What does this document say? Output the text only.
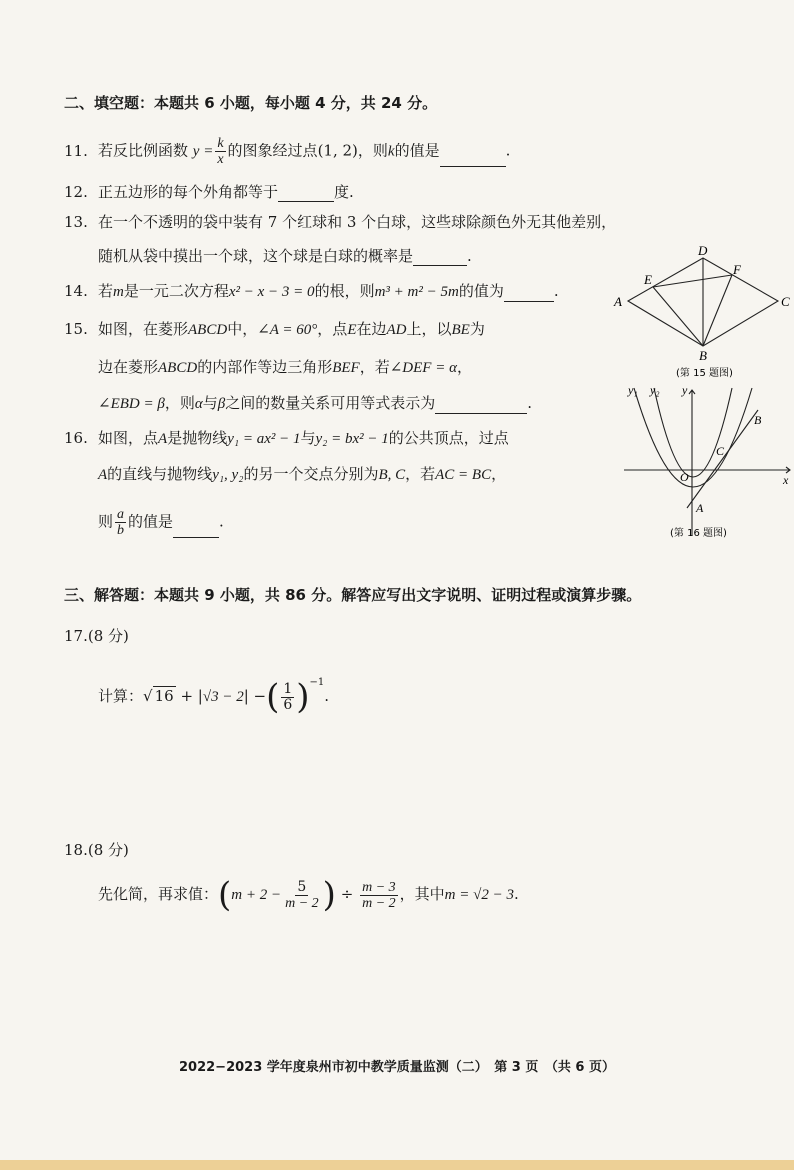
二、填空题：本题共 6 小题，每小题 4 分，共 24 分。
11. 若反比例函数 $y = \frac{k}{x}$ 的图象经过点(1, 2)，则k的值是	.
12. 正五边形的每个外角都等于	度.
13. 在一个不透明的袋中装有 7 个红球和 3 个白球，这些球除颜色外无其他差别，
随机从袋中摸出一个球，这个球是白球的概率是	.
14. 若m是一元二次方程x² − x − 3 = 0的根，则m³ + m² − 5m的值为	.
15. 如图，在菱形ABCD中，∠A = 60°，点E在边AD上，以BE为
边在菱形ABCD的内部作等边三角形BEF，若∠DEF = α，
∠EBD = β，则α与β之间的数量关系可用等式表示为	.
16. 如图，点A是抛物线y₁ = ax² − 1与y₂ = bx² − 1的公共顶点，过点
A的直线与抛物线y₁, y₂的另一个交点分别为B, C，若AC = BC，
则 $\frac{a}{b}$ 的值是	.
A
B
C
D
E
F
(第 15 题图)
y₁ y₂ y
x
O
A
B
C
(第 16 题图)
三、解答题：本题共 9 小题，共 86 分。解答应写出文字说明、证明过程或演算步骤。
17.(8 分)
计算：√ 16 + |√3 − 2| −( $\frac{1}{6} )^{-1}$.
18.(8 分)
先化简，再求值：($m + 2 - \frac{5}{m - 2}$ ) ÷ $\frac{m - 3}{m - 2}$ ，其中m = √2 − 3.
2022−2023 学年度泉州市初中教学质量监测（二）　第 3 页　（共 6 页）
